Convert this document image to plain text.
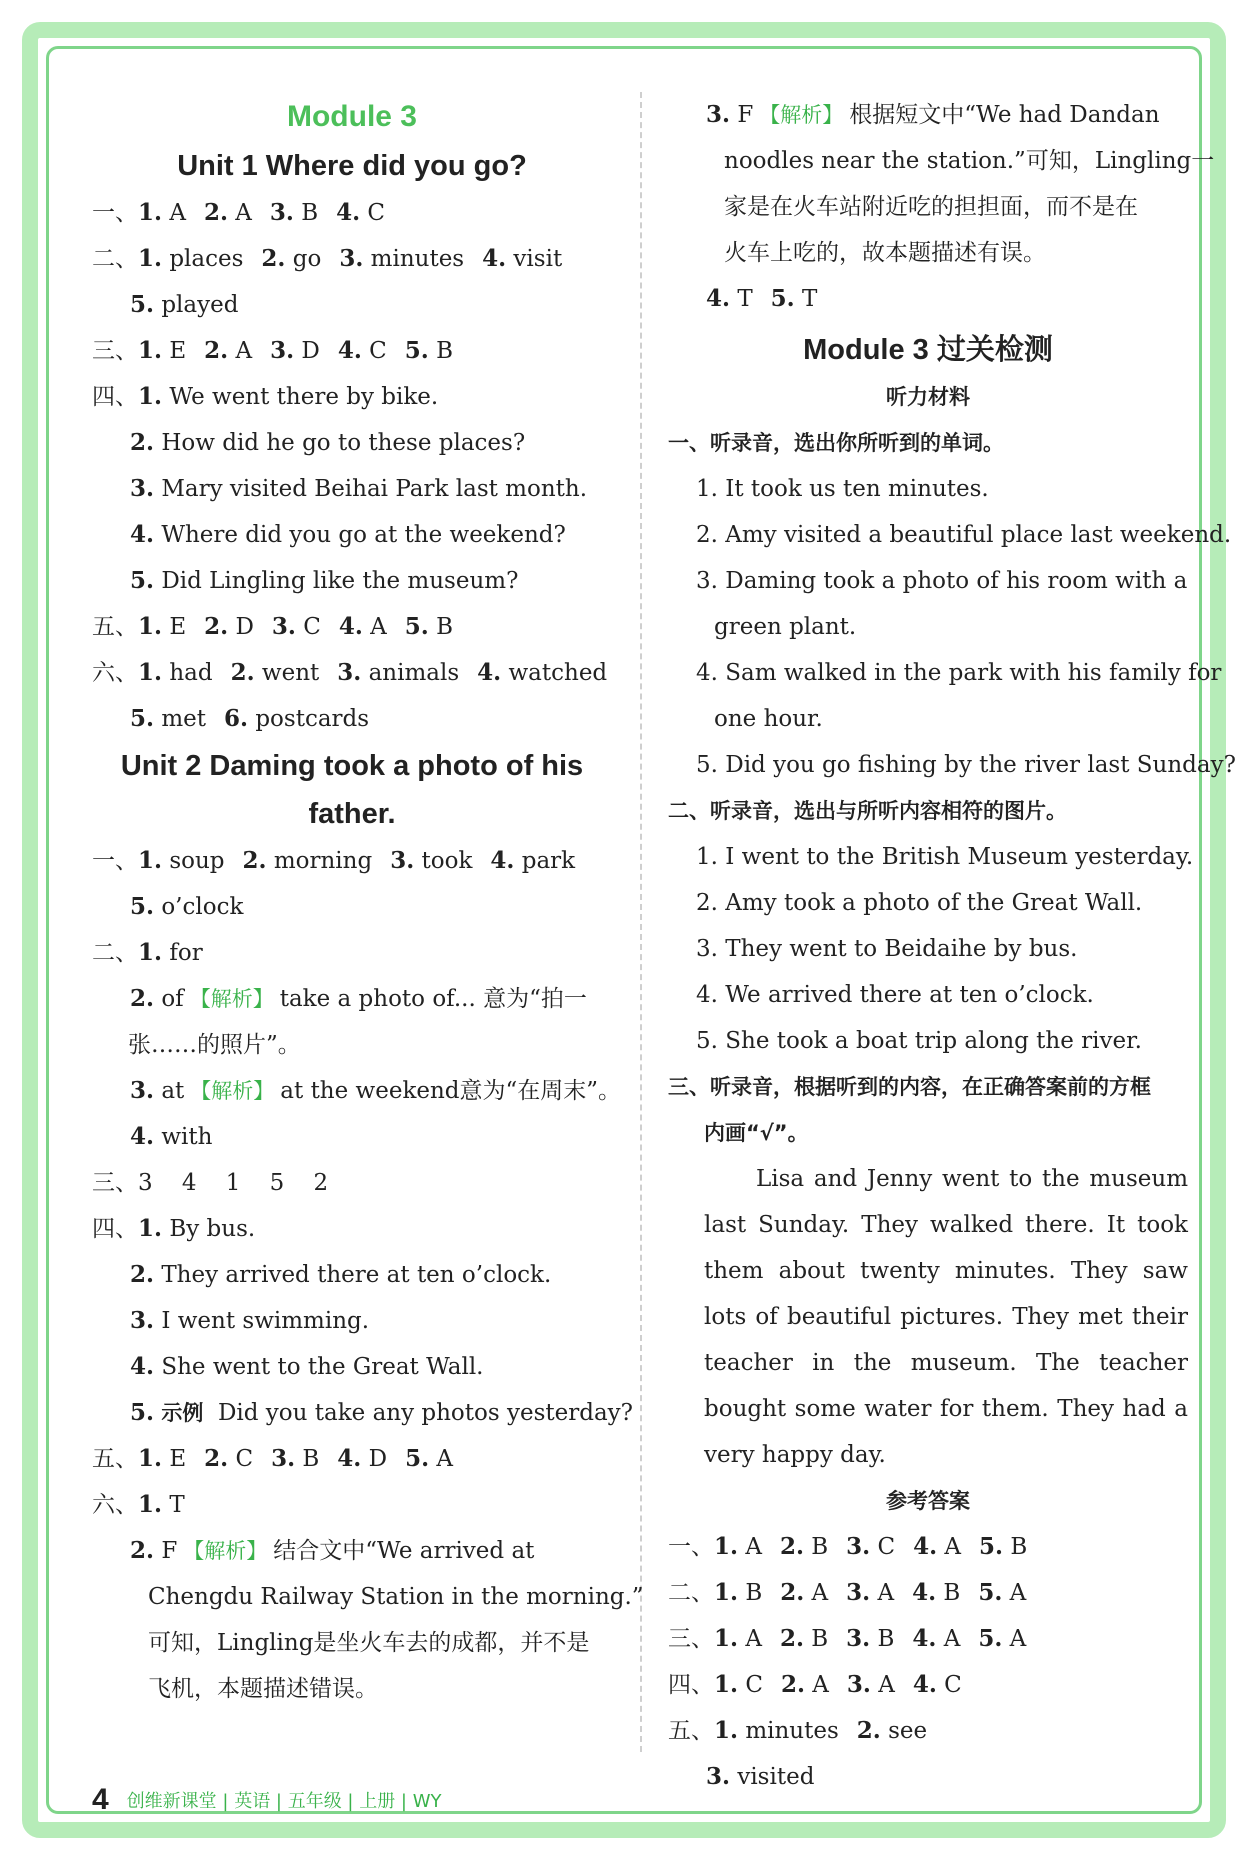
Module 3
Unit 1 Where did you go?
一、1. A 2. A 3. B 4. C
二、1. places 2. go 3. minutes 4. visit
5. played
三、1. E 2. A 3. D 4. C 5. B
四、1. We went there by bike.
2. How did he go to these places?
3. Mary visited Beihai Park last month.
4. Where did you go at the weekend?
5. Did Lingling like the museum?
五、1. E 2. D 3. C 4. A 5. B
六、1. had 2. went 3. animals 4. watched
5. met 6. postcards
Unit 2 Daming took a photo of his
father.
一、1. soup 2. morning 3. took 4. park
5. o’clock
二、1. for
2. of 【解析】 take a photo of... 意为“拍一
张……的照片”。
3. at 【解析】 at the weekend意为“在周末”。
4. with
三、3    4    1    5    2
四、1. By bus.
2. They arrived there at ten o’clock.
3. I went swimming.
4. She went to the Great Wall.
5. 示例 Did you take any photos yesterday?
五、1. E 2. C 3. B 4. D 5. A
六、1. T
2. F 【解析】 结合文中“We arrived at
Chengdu Railway Station in the morning.”
可知，Lingling是坐火车去的成都，并不是
飞机，本题描述错误。
3. F 【解析】 根据短文中“We had Dandan
noodles near the station.”可知，Lingling一
家是在火车站附近吃的担担面，而不是在
火车上吃的，故本题描述有误。
4. T 5. T
Module 3 过关检测
听力材料
一、听录音，选出你所听到的单词。
1. It took us ten minutes.
2. Amy visited a beautiful place last weekend.
3. Daming took a photo of his room with a
green plant.
4. Sam walked in the park with his family for
one hour.
5. Did you go fishing by the river last Sunday?
二、听录音，选出与所听内容相符的图片。
1. I went to the British Museum yesterday.
2. Amy took a photo of the Great Wall.
3. They went to Beidaihe by bus.
4. We arrived there at ten o’clock.
5. She took a boat trip along the river.
三、听录音，根据听到的内容，在正确答案前的方框
内画“√”。
Lisa and Jenny went to the museum last Sunday. They walked there. It took them about twenty minutes. They saw lots of beautiful pictures. They met their teacher in the museum. The teacher bought some water for them. They had a very happy day.
参考答案
一、1. A 2. B 3. C 4. A 5. B
二、1. B 2. A 3. A 4. B 5. A
三、1. A 2. B 3. B 4. A 5. A
四、1. C 2. A 3. A 4. C
五、1. minutes 2. see
3. visited
4 创维新课堂 | 英语 | 五年级 | 上册 | WY
